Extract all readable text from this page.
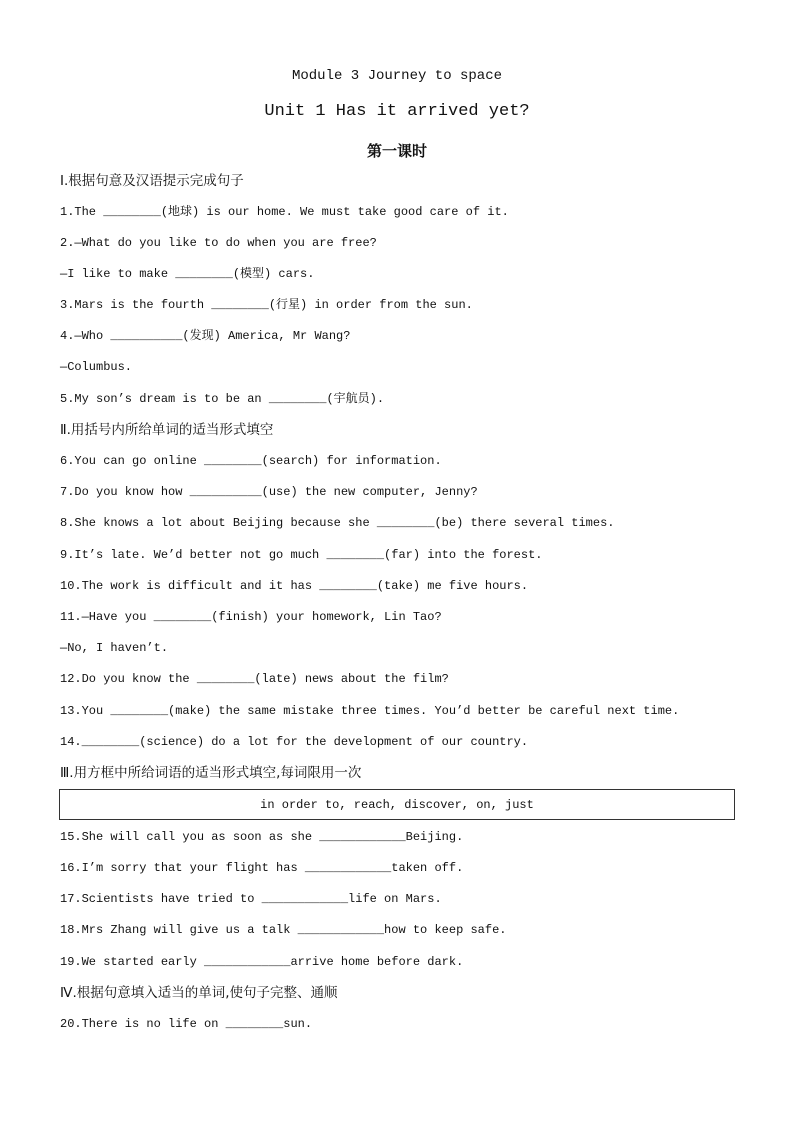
Module 3 Journey to space
Unit 1 Has it arrived yet?
第一课时
Ⅰ.根据句意及汉语提示完成句子
1.The ________(地球) is our home. We must take good care of it.
2.—What do you like to do when you are free?
—I like to make ________(模型) cars.
3.Mars is the fourth ________(行星) in order from the sun.
4.—Who __________(发现) America, Mr Wang?
—Columbus.
5.My son’s dream is to be an ________(宇航员).
Ⅱ.用括号内所给单词的适当形式填空
6.You can go online ________(search) for information.
7.Do you know how __________(use) the new computer, Jenny?
8.She knows a lot about Beijing because she ________(be) there several times.
9.It’s late. We’d better not go much ________(far) into the forest.
10.The work is difficult and it has ________(take) me five hours.
11.—Have you ________(finish) your homework, Lin Tao?
—No, I haven’t.
12.Do you know the ________(late) news about the film?
13.You ________(make) the same mistake three times. You’d better be careful next time.
14.________(science) do a lot for the development of our country.
Ⅲ.用方框中所给词语的适当形式填空,每词限用一次
in order to, reach, discover, on, just
15.She will call you as soon as she ____________Beijing.
16.I’m sorry that your flight has ____________taken off.
17.Scientists have tried to ____________life on Mars.
18.Mrs Zhang will give us a talk ____________how to keep safe.
19.We started early ____________arrive home before dark.
Ⅳ.根据句意填入适当的单词,使句子完整、通顺
20.There is no life on ________sun.
